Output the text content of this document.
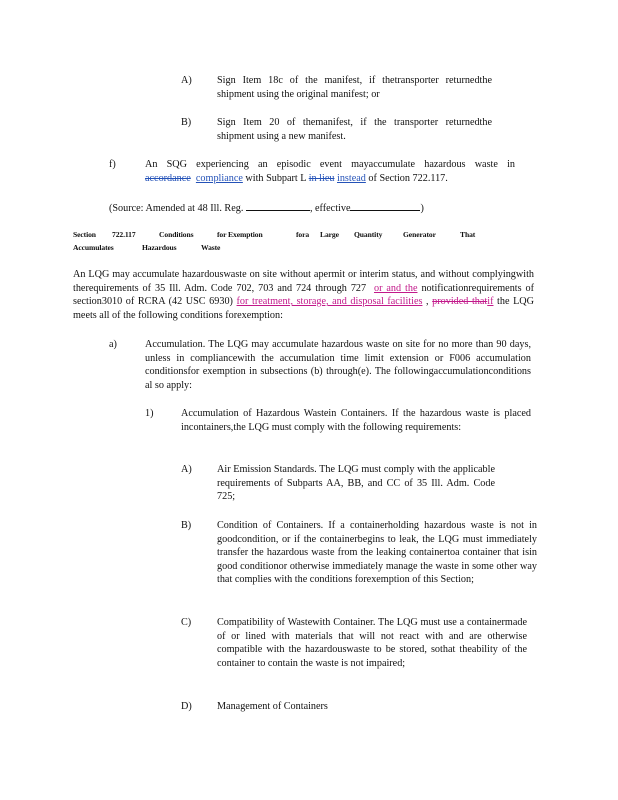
A) Sign Item 18c of the manifest, if thetransporter returnedthe shipment using the original manifest; or
B)	Sign Item 20 of themanifest, if the transporter returnedthe shipment using a new manifest.
f)	An SQG experiencing an episodic event mayaccumulate hazardous waste in accordance compliance with Subpart L in lieu instead of Section 722.117.
(Source: Amended at 48 Ill. Reg.	, effective	)
Section 722.117	Conditions	for Exemption	fora Large Quantity	Generator	That
Accumulates	Hazardous	Waste
An LQG may accumulate hazardouswaste on site without apermit or interim status, and without complyingwith therequirements of 35 Ill. Adm. Code 702, 703 and 724 through 727 or and the notificationrequirements of section3010 of RCRA (42 USC 6930) for treatment, storage, and disposal facilities , provided thatif the LQG meets all of the following conditions forexemption:
a)	Accumulation. The LQG may accumulate hazardous waste on site for no more than 90 days, unless in compliancewith the accumulation time limit extension or F006 accumulation conditionsfor exemption in subsections (b) through(e). The followingaccumulationconditions al so apply:
1)	Accumulation of Hazardous Wastein Containers. If the hazardous waste is placed incontainers,the LQG must comply with the following requirements:
A) Air Emission Standards. The LQG must comply with the applicable requirements of Subparts AA, BB, and CC of 35 Ill. Adm. Code 725;
B)	Condition of Containers. If a containerholding hazardous waste is not in goodcondition, or if the containerbegins to leak, the LQG must immediately transfer the hazardous waste from the leaking containertoa container that isin good conditionor otherwise immediately manage the waste in some other way that complies with the conditions forexemption of this Section;
C)	Compatibility of Wastewith Container. The LQG must use a containermade of or lined with materials that will not react with and are otherwise compatible with the hazardouswaste to be stored, sothat theability of the container to contain the waste is not impaired;
D) Management of Containers
